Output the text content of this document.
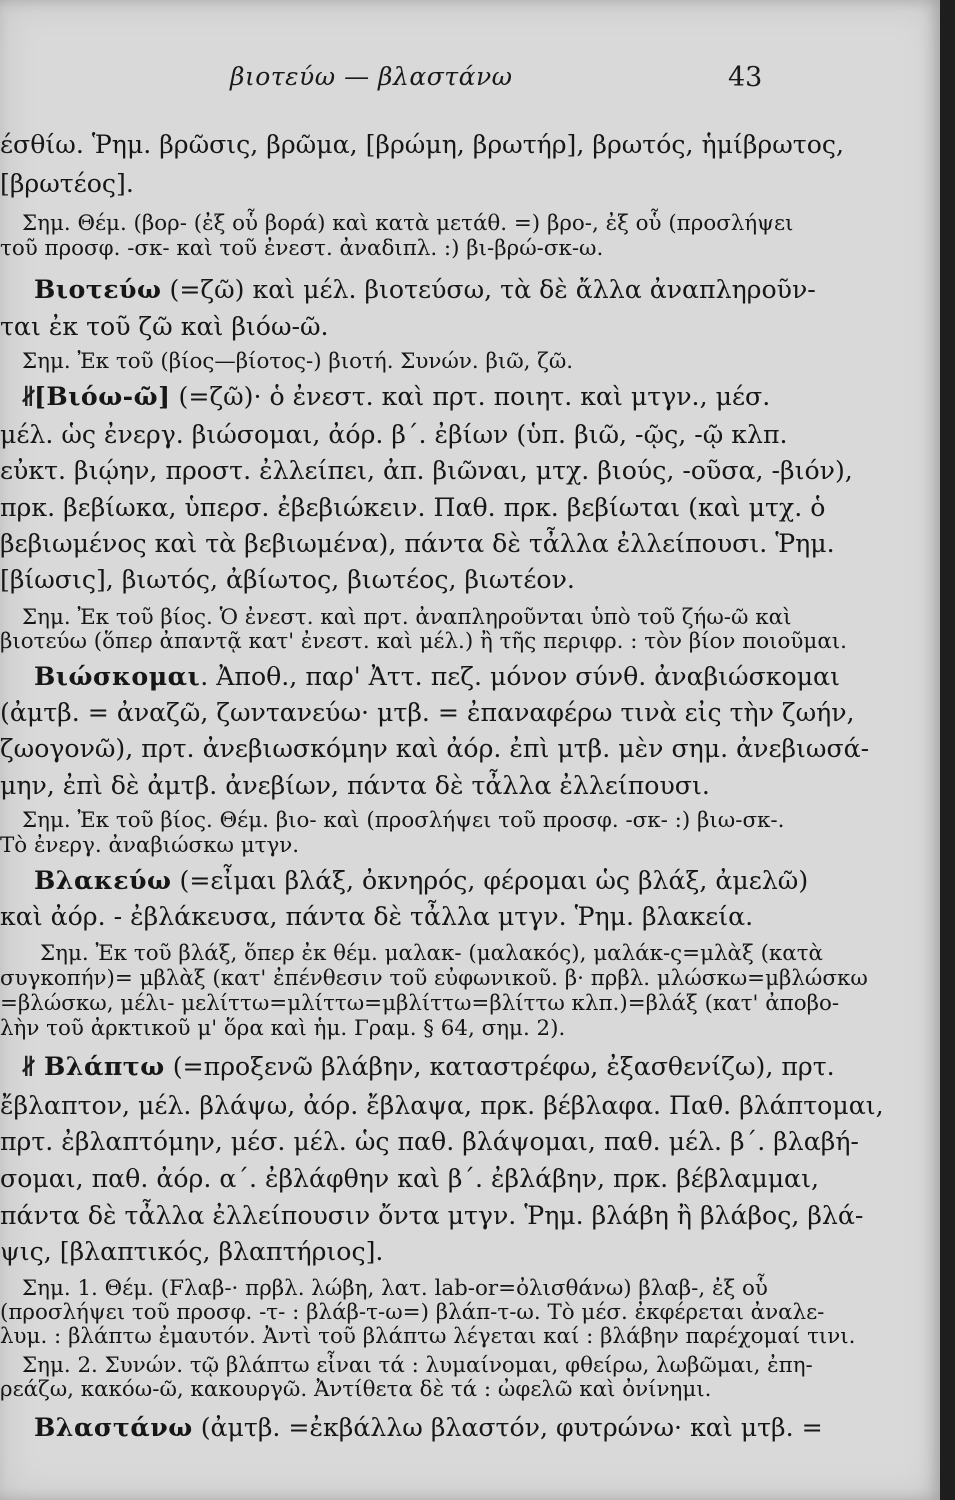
βιοτεύω — βλαστάνω	43
έσθίω. Ῥημ. βρῶσις, βρῶμα, [βρώμη, βρωτήρ], βρωτός, ἡμίβρωτος,
[βρωτέος].
Σημ. Θέμ. (βορ- (ἐξ οὗ βορά) καὶ κατὰ μετάθ. =) βρο-, ἐξ οὗ (προσλήψει
τοῦ προσφ. -σκ- καὶ τοῦ ἐνεστ. ἀναδιπλ. :) βι-βρώ-σκ-ω.
Βιοτεύω (=ζῶ) καὶ μέλ. βιοτεύσω, τὰ δὲ ἄλλα ἀναπληροῦν-
ται ἐκ τοῦ ζῶ καὶ βιόω-ῶ.
Σημ. Ἐκ τοῦ (βίος—βίοτος-) βιοτή. Συνών. βιῶ, ζῶ.
∦
[Βιόω-ῶ] (=ζῶ)· ὁ ἐνεστ. καὶ πρτ. ποιητ. καὶ μτγν., μέσ.
μέλ. ὡς ἐνεργ. βιώσομαι, ἀόρ. β΄. ἐβίων (ὑπ. βιῶ, -ῷς, -ῷ κλπ.
εὐκτ. βιῴην, προστ. ἐλλείπει, ἀπ. βιῶναι, μτχ. βιούς, -οῦσα, -βιόν),
πρκ. βεβίωκα, ὑπερσ. ἐβεβιώκειν. Παθ. πρκ. βεβίωται (καὶ μτχ. ὁ
βεβιωμένος καὶ τὰ βεβιωμένα), πάντα δὲ τἆλλα ἐλλείπουσι. Ῥημ.
[βίωσις], βιωτός, ἀβίωτος, βιωτέος, βιωτέον.
Σημ. Ἐκ τοῦ βίος. Ὁ ἐνεστ. καὶ πρτ. ἀναπληροῦνται ὑπὸ τοῦ ζήω-ῶ καὶ
βιοτεύω (ὅπερ ἀπαντᾷ κατ' ἐνεστ. καὶ μέλ.) ἢ τῆς περιφρ. : τὸν βίον ποιοῦμαι.
Βιώσκομαι. Ἀποθ., παρ' Ἀττ. πεζ. μόνον σύνθ. ἀναβιώσκομαι
(ἀμτβ. = ἀναζῶ, ζωντανεύω· μτβ. = ἐπαναφέρω τινὰ εἰς τὴν ζωήν,
ζωογονῶ), πρτ. ἀνεβιωσκόμην καὶ ἀόρ. ἐπὶ μτβ. μὲν σημ. ἀνεβιωσά-
μην, ἐπὶ δὲ ἀμτβ. ἀνεβίων, πάντα δὲ τἆλλα ἐλλείπουσι.
Σημ. Ἐκ τοῦ βίος. Θέμ. βιο- καὶ (προσλήψει τοῦ προσφ. -σκ- :) βιω-σκ-.
Τὸ ἐνεργ. ἀναβιώσκω μτγν.
Βλακεύω (=εἶμαι βλάξ, ὀκνηρός, φέρομαι ὡς βλάξ, ἀμελῶ)
καὶ ἀόρ. - ἐβλάκευσα, πάντα δὲ τἆλλα μτγν. Ῥημ. βλακεία.
Σημ. Ἐκ τοῦ βλάξ, ὅπερ ἐκ θέμ. μαλακ- (μαλακός), μαλάκ-ς=μλὰξ (κατὰ
συγκοπήν)= μβλὰξ (κατ' ἐπένθεσιν τοῦ εὐφωνικοῦ. β· πρβλ. μλώσκω=μβλώσκω
=βλώσκω, μέλι- μελίττω=μλίττω=μβλίττω=βλίττω κλπ.)=βλάξ (κατ' ἀποβο-
λὴν τοῦ ἀρκτικοῦ μ' ὅρα καὶ ἡμ. Γραμ. § 64, σημ. 2).
∦ Βλάπτω (=προξενῶ βλάβην, καταστρέφω, ἐξασθενίζω), πρτ.
ἔβλαπτον, μέλ. βλάψω, ἀόρ. ἔβλαψα, πρκ. βέβλαφα. Παθ. βλάπτομαι,
πρτ. ἐβλαπτόμην, μέσ. μέλ. ὡς παθ. βλάψομαι, παθ. μέλ. β΄. βλαβή-
σομαι, παθ. ἀόρ. α΄. ἐβλάφθην καὶ β΄. ἐβλάβην, πρκ. βέβλαμμαι,
πάντα δὲ τἆλλα ἐλλείπουσιν ὄντα μτγν. Ῥημ. βλάβη ἢ βλάβος, βλά-
ψις, [βλαπτικός, βλαπτήριος].
Σημ. 1. Θέμ. (Fλαβ-· πρβλ. λώβη, λατ. lab-or=ὀλισθάνω) βλαβ-, ἐξ οὗ
(προσλήψει τοῦ προσφ. -τ- : βλάβ-τ-ω=) βλάπ-τ-ω. Τὸ μέσ. ἐκφέρεται ἀναλε-
λυμ. : βλάπτω ἐμαυτόν. Ἀντὶ τοῦ βλάπτω λέγεται καί : βλάβην παρέχομαί τινι.
Σημ. 2. Συνών. τῷ βλάπτω εἶναι τά : λυμαίνομαι, φθείρω, λωβῶμαι, ἐπη-
ρεάζω, κακόω-ῶ, κακουργῶ. Ἀντίθετα δὲ τά : ὠφελῶ καὶ ὀνίνημι.
Βλαστάνω (ἀμτβ. =ἐκβάλλω βλαστόν, φυτρώνω· καὶ μτβ. =
